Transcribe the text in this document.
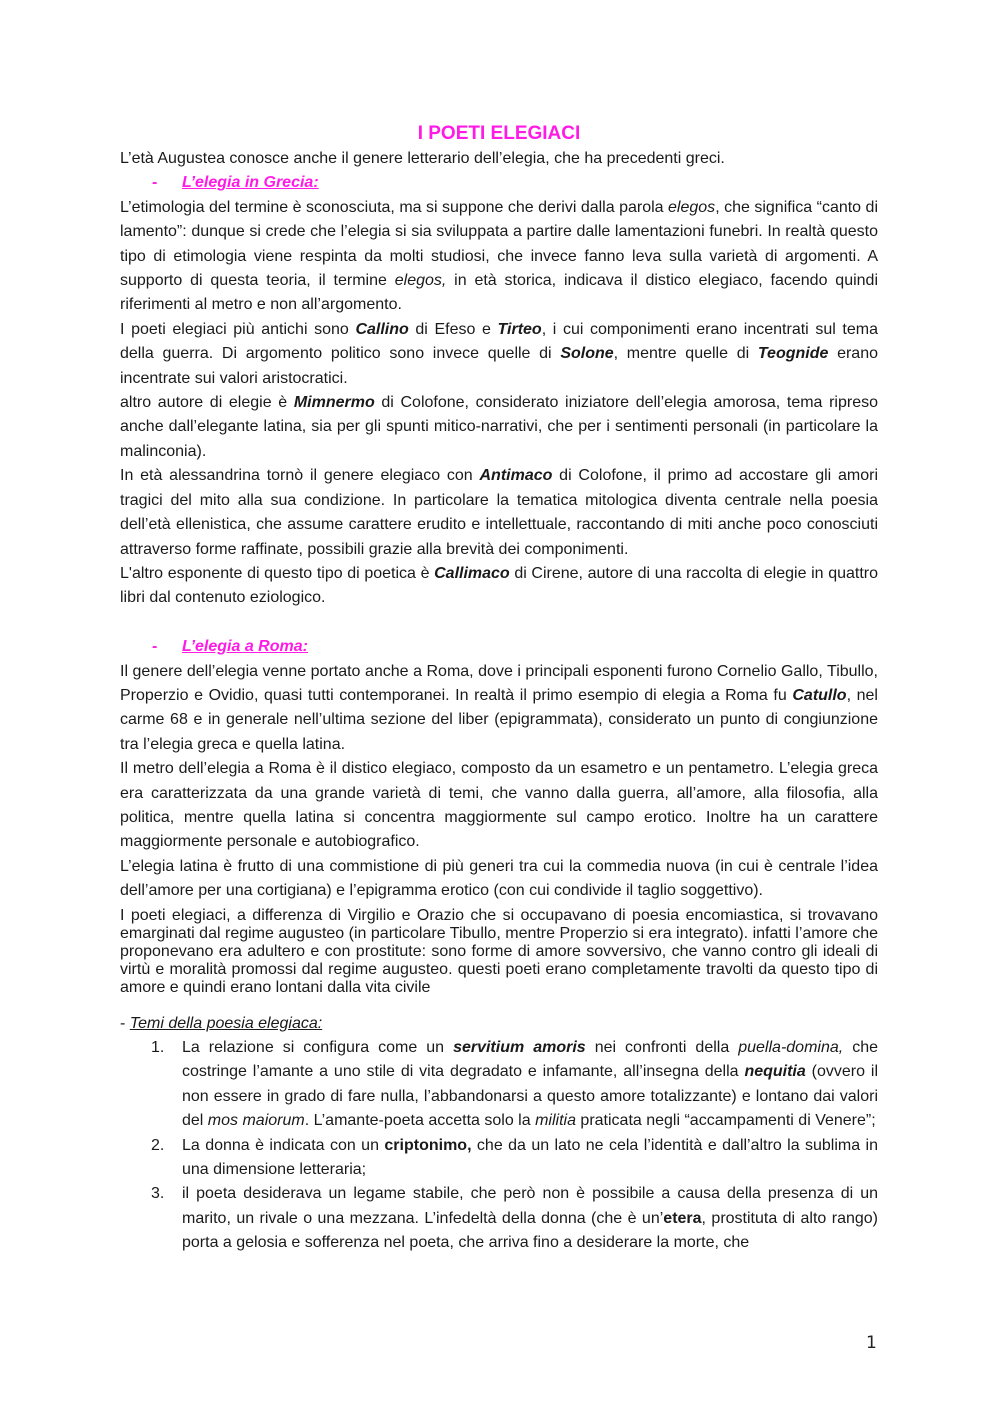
I POETI ELEGIACI

L’età Augustea conosce anche il genere letterario dell’elegia, che ha precedenti greci.

-	L’elegia in Grecia:

L’etimologia del termine è sconosciuta, ma si suppone che derivi dalla parola elegos, che significa “canto di lamento”: dunque si crede che l’elegia si sia sviluppata a partire dalle lamentazioni funebri. In realtà questo tipo di etimologia viene respinta da molti studiosi, che invece fanno leva sulla varietà di argomenti. A supporto di questa teoria, il termine elegos, in età storica, indicava il distico elegiaco, facendo quindi riferimenti al metro e non all’argomento.

I poeti elegiaci più antichi sono Callino di Efeso e Tirteo, i cui componimenti erano incentrati sul tema della guerra. Di argomento politico sono invece quelle di Solone, mentre quelle di Teognide erano incentrate sui valori aristocratici.

altro autore di elegie è Mimnermo di Colofone, considerato iniziatore dell’elegia amorosa, tema ripreso anche dall’elegante latina, sia per gli spunti mitico-narrativi, che per i sentimenti personali (in particolare la malinconia).

In età alessandrina tornò il genere elegiaco con Antimaco di Colofone, il primo ad accostare gli amori tragici del mito alla sua condizione. In particolare la tematica mitologica diventa centrale nella poesia dell’età ellenistica, che assume carattere erudito e intellettuale, raccontando di miti anche poco conosciuti attraverso forme raffinate, possibili grazie alla brevità dei componimenti.

L'altro esponente di questo tipo di poetica è Callimaco di Cirene, autore di una raccolta di elegie in quattro libri dal contenuto eziologico.

-	L’elegia a Roma:

Il genere dell’elegia venne portato anche a Roma, dove i principali esponenti furono Cornelio Gallo, Tibullo, Properzio e Ovidio, quasi tutti contemporanei. In realtà il primo esempio di elegia a Roma fu Catullo, nel carme 68 e in generale nell’ultima sezione del liber (epigrammata), considerato un punto di congiunzione tra l’elegia greca e quella latina.

Il metro dell’elegia a Roma è il distico elegiaco, composto da un esametro e un pentametro. L’elegia greca era caratterizzata da una grande varietà di temi, che vanno dalla guerra, all’amore, alla filosofia, alla politica, mentre quella latina si concentra maggiormente sul campo erotico. Inoltre ha un carattere maggiormente personale e autobiografico.

L’elegia latina è frutto di una commistione di più generi tra cui la commedia nuova (in cui è centrale l’idea dell’amore per una cortigiana) e l’epigramma erotico (con cui condivide il taglio soggettivo).

I poeti elegiaci, a differenza di Virgilio e Orazio che si occupavano di poesia encomiastica, si trovavano emarginati dal regime augusteo (in particolare Tibullo, mentre Properzio si era integrato). infatti l’amore che proponevano era adultero e con prostitute: sono forme di amore sovversivo, che vanno contro gli ideali di virtù e moralità promossi dal regime augusteo. questi poeti erano completamente travolti da questo tipo di amore e quindi erano lontani dalla vita civile

- Temi della poesia elegiaca:

1.	La relazione si configura come un servitium amoris nei confronti della puella-domina, che costringe l’amante a uno stile di vita degradato e infamante, all’insegna della nequitia (ovvero il non essere in grado di fare nulla, l’abbandonarsi a questo amore totalizzante) e lontano dai valori del mos maiorum. L’amante-poeta accetta solo la militia praticata negli “accampamenti di Venere”;
2.	La donna è indicata con un criptonimo, che da un lato ne cela l’identità e dall’altro la sublima in una dimensione letteraria;
3.	il poeta desiderava un legame stabile, che però non è possibile a causa della presenza di un marito, un rivale o una mezzana. L’infedeltà della donna (che è un’etera, prostituta di alto rango) porta a gelosia e sofferenza nel poeta, che arriva fino a desiderare la morte, che
1
